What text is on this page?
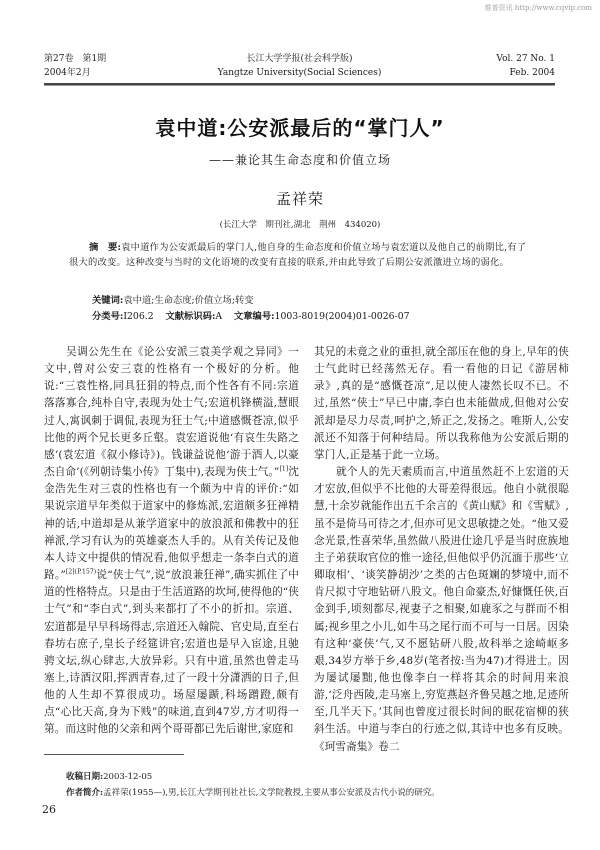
维普资讯 http://www.cqvip.com
第27卷　第1期
2004年2月
长江大学学报(社会科学版)
Yangtze University(Social Sciences)
Vol. 27 No. 1
Feb. 2004
袁中道:公安派最后的“掌门人”
——兼论其生命态度和价值立场
孟祥荣
(长江大学　期刊社,湖北　荆州　434020)
摘　要:袁中道作为公安派最后的掌门人,他自身的生命态度和价值立场与袁宏道以及他自己的前期比,有了很大的改变。这种改变与当时的文化语境的改变有直接的联系,并由此导致了后期公安派激进立场的弱化。
关键词:袁中道;生命态度;价值立场;转变
分类号:I206.2 文献标识码:A 文章编号:1003-8019(2004)01-0026-07

吴调公先生在《论公安派三袁美学观之异同》一文中,曾对公安三袁的性格有一个极好的分析。他说:“三袁性格,同具狂狷的特点,而个性各有不同:宗道落落寡合,纯朴自守,表现为处士气;宏道机锋横溢,慧眼过人,寓讽刺于调侃,表现为狂士气;中道感慨苍凉,似乎比他的两个兄长更多丘壑。袁宏道说他‘有哀生失路之感’(袁宏道《叙小修诗》)。钱谦益说他‘游于酒人,以豪杰自命’(《列朝诗集小传》丁集中),表现为侠士气。”[1]沈金浩先生对三袁的性格也有一个颇为中肯的评价:“如果说宗道早年类似于道家中的修炼派,宏道颇多狂禅精神的话,中道却是从兼学道家中的放浪派和佛教中的狂禅派,学习有认为的英雄豪杰人手的。从有关传记及他本人诗文中提供的情况看,他似乎想走一条李白式的道路。”$^{[2](P.157)}$说“侠士气”,说“放浪兼狂禅”,确实抓住了中道的性格特点。只是由于生活道路的坎坷,使得他的“侠士气”和“李白式”,到头来都打了不小的折扣。宗道、宏道都是早早科场得志,宗道还入翰院、官史局,直至右春坊右庶子,皇长子经筵讲官;宏道也是早入宦途,且驰骋文坛,纵心肆志,大放异彩。只有中道,虽然也曾走马塞上,诗酒汉阳,挥洒青春,过了一段十分潇洒的日子,但他的人生却不算很成功。场屋屡踬,科场蹭蹬,颇有点“心比天高,身为下贱”的味道,直到47岁,方才叨得一第。而这时他的父亲和两个哥哥都已先后谢世,家庭和

其兄的未竟之业的重担,就全部压在他的身上,早年的侠士气此时已经荡然无存。看一看他的日记《游居柿录》,真的是“感慨苍凉”,足以使人凄然长叹不已。不过,虽然“侠士”早已中庸,李白也未能做成,但他对公安派却是尽力尽责,呵护之,矫正之,发扬之。唯斯人,公安派还不知落于何种结局。所以我称他为公安派后期的掌门人,正是基于此一立场。

就个人的先天素质而言,中道虽然赶不上宏道的天才宏放,但似乎不比他的大哥差得很远。他自小就很聪慧,十余岁就能作出五千余言的《黄山赋》和《雪赋》,虽不是倚马可待之才,但亦可见文思敏捷之处。“他又爱念光景,性喜荣华,虽然做八股进仕途几乎是当时庶族地主子弟获取官位的惟一途径,但他似乎仍沉湎于那些‘立卿取相’、‘谈笑静胡沙’之类的古色斑斓的梦境中,而不肯尺拟寸守地钻研八股文。他自命豪杰,好慷慨任侠,百金到手,顷刻都尽,视妻子之相聚,如鹿豕之与群而不相属;视乡里之小儿,如牛马之尾行而不可与一日居。因染有这种‘豪侠’气,又不愿钻研八股,故科举之途崎岖多艰,34岁方举于乡,48岁(笔者按:当为47)才得进士。因为屡试屡黜,他也像李白一样将其余的时间用来浪游,‘泛舟西陵,走马塞上,穷览燕赵齐鲁吴越之地,足迹所至,几半天下。’其间也曾度过很长时间的眠花宿柳的狭斜生活。中道与李白的行迹之似,其诗中也多有反映。《珂雪斋集》卷二

收稿日期:2003-12-05
作者简介:孟祥荣(1955—),男,长江大学期刊社社长,文学院教授,主要从事公安派及古代小说的研究。
26
